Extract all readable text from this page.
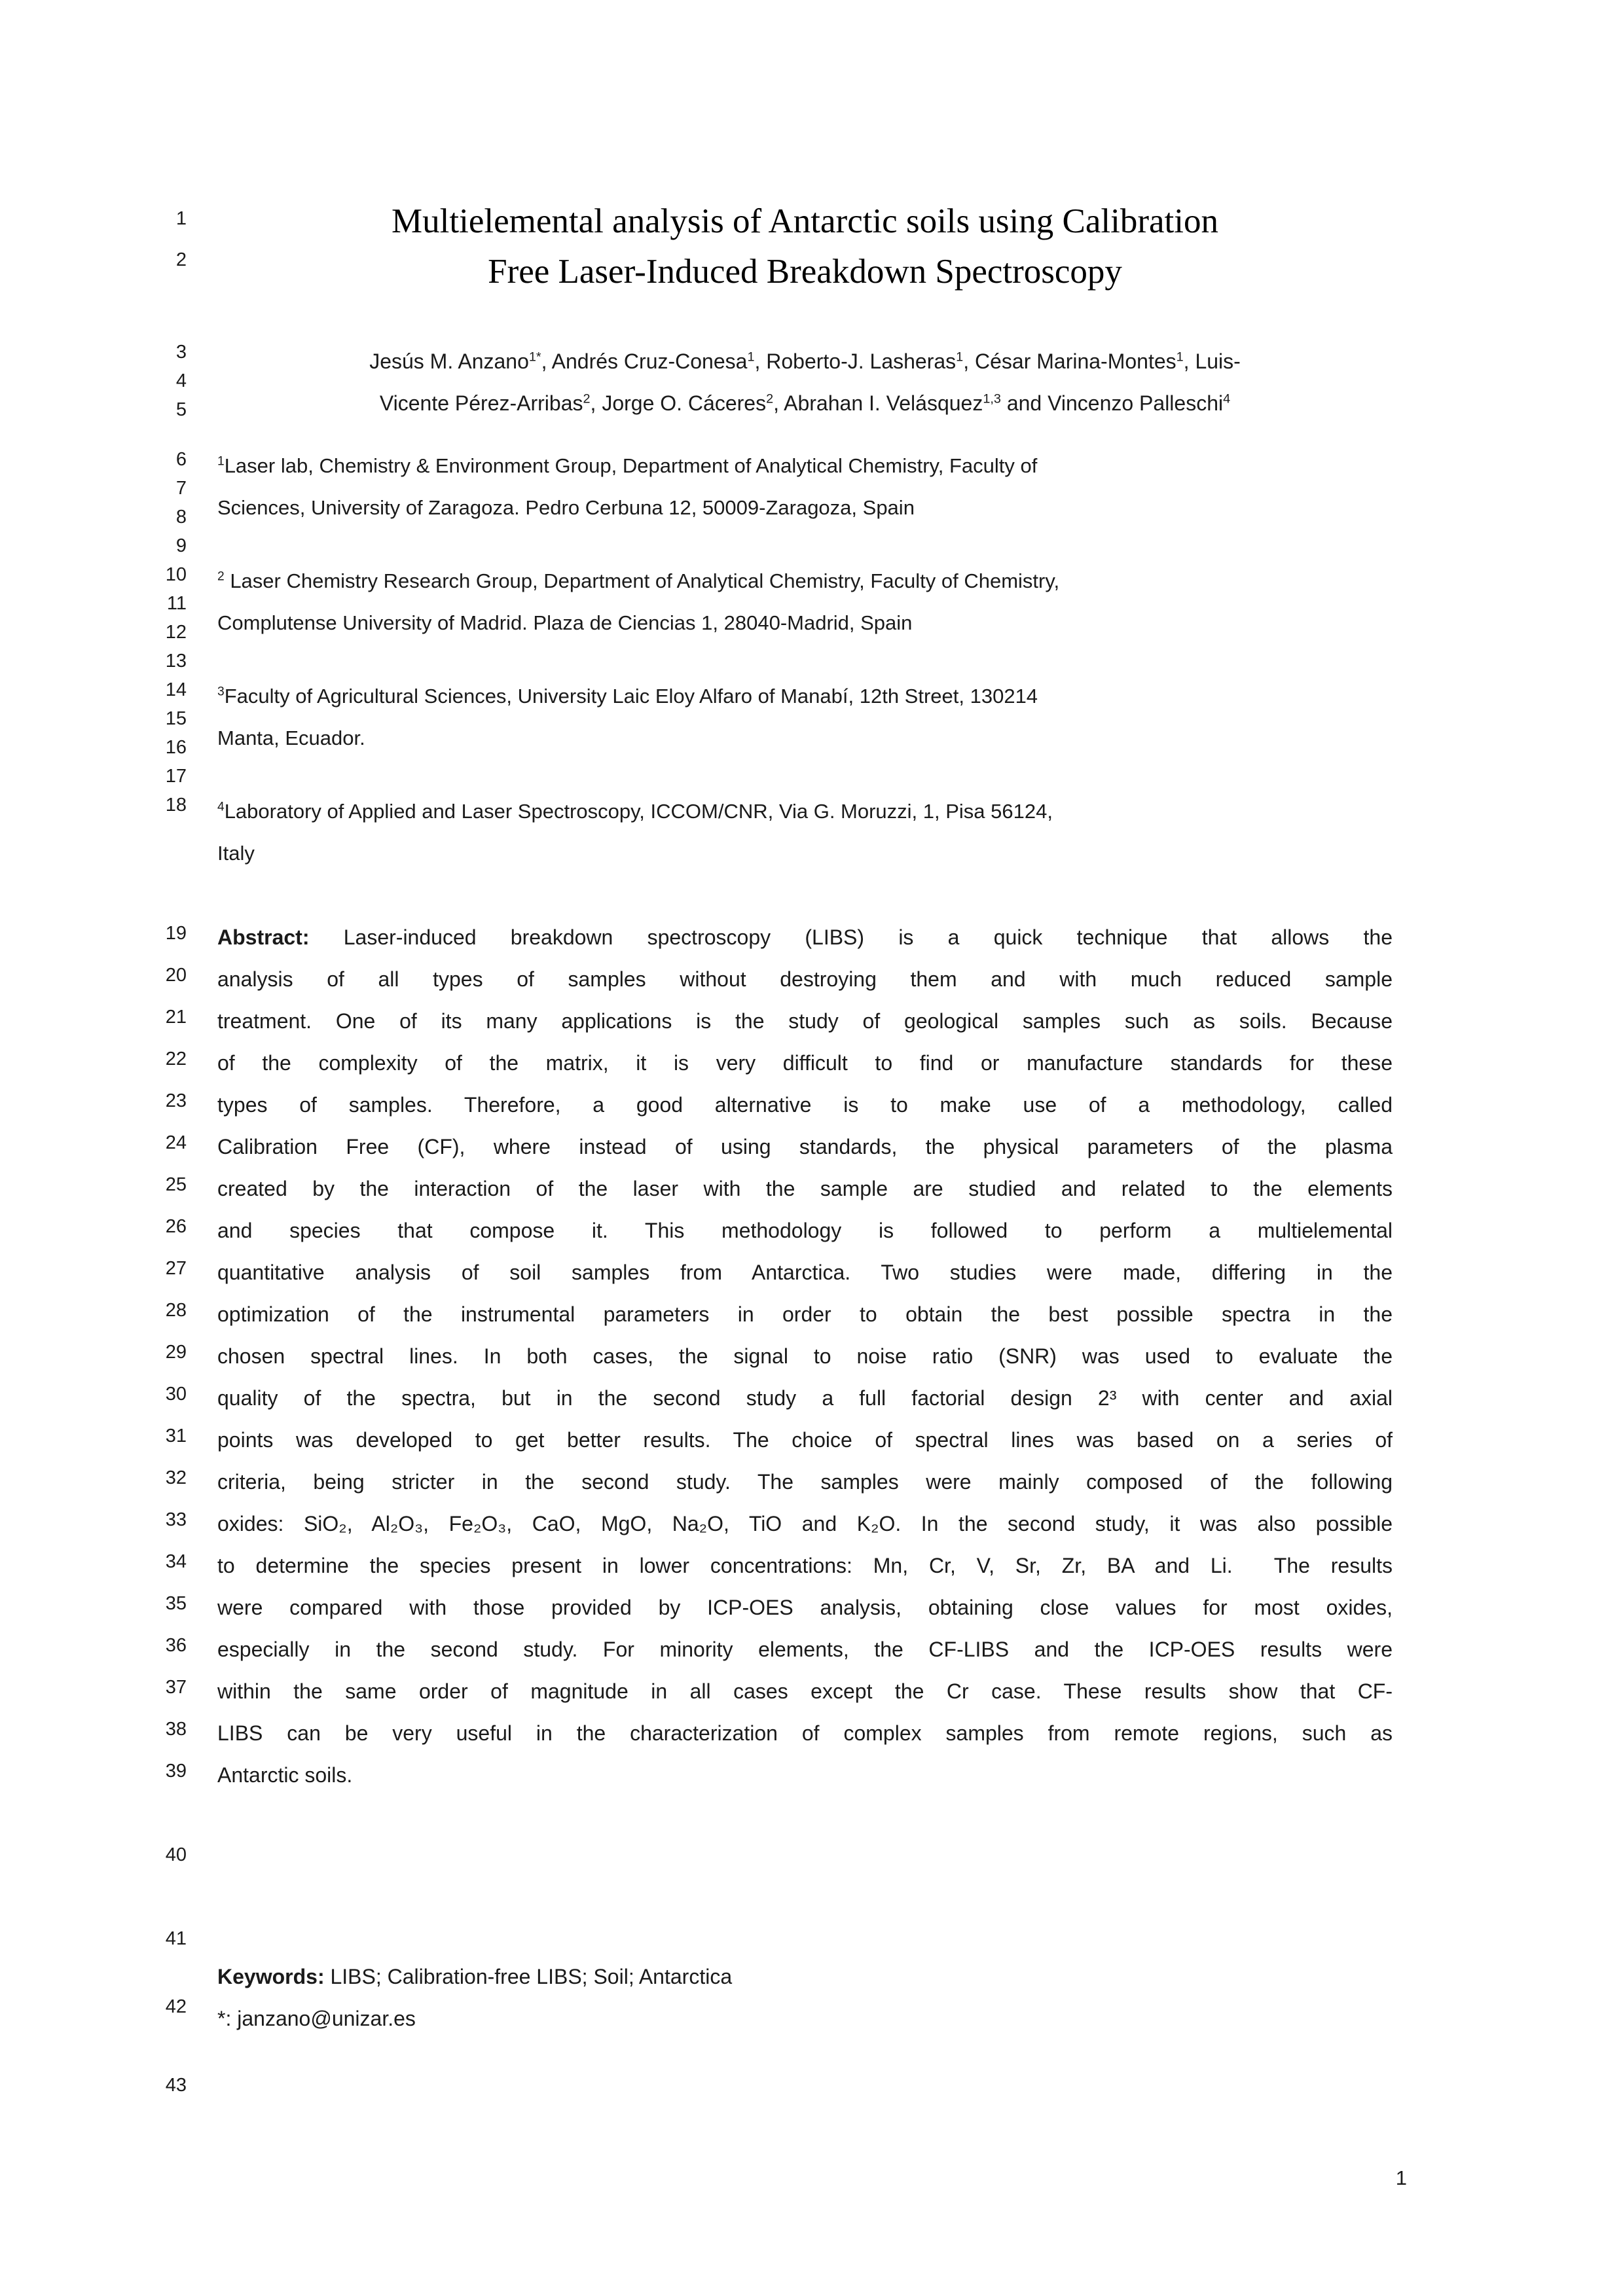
1
2
3
4
5
6
7
8
9
10
11
12
13
14
15
16
17
18
19
20
21
22
23
24
25
26
27
28
29
30
31
32
33
34
35
36
37
38
39
40
41
42
43
Multielemental analysis of Antarctic soils using Calibration
Free Laser-Induced Breakdown Spectroscopy
Jesús M. Anzano$^{1*}$, Andrés Cruz-Conesa$^1$, Roberto-J. Lasheras$^1$, César Marina-Montes$^1$, Luis-
Vicente Pérez-Arribas$^2$, Jorge O. Cáceres$^2$, Abrahan I. Velásquez$^{1,3}$ and Vincenzo Palleschi$^4$
$^1$Laser lab, Chemistry & Environment Group, Department of Analytical Chemistry, Faculty of
Sciences, University of Zaragoza. Pedro Cerbuna 12, 50009-Zaragoza, Spain
$^2$ Laser Chemistry Research Group, Department of Analytical Chemistry, Faculty of Chemistry,
Complutense University of Madrid. Plaza de Ciencias 1, 28040-Madrid, Spain
$^3$Faculty of Agricultural Sciences, University Laic Eloy Alfaro of Manabí, 12th Street, 130214
Manta, Ecuador.
$^4$Laboratory of Applied and Laser Spectroscopy, ICCOM/CNR, Via G. Moruzzi, 1, Pisa 56124,
Italy
Abstract: Laser-induced breakdown spectroscopy (LIBS) is a quick technique that allows the
analysis of all types of samples without destroying them and with much reduced sample
treatment. One of its many applications is the study of geological samples such as soils. Because
of the complexity of the matrix, it is very difficult to find or manufacture standards for these
types of samples. Therefore, a good alternative is to make use of a methodology, called
Calibration Free (CF), where instead of using standards, the physical parameters of the plasma
created by the interaction of the laser with the sample are studied and related to the elements
and species that compose it. This methodology is followed to perform a multielemental
quantitative analysis of soil samples from Antarctica. Two studies were made, differing in the
optimization of the instrumental parameters in order to obtain the best possible spectra in the
chosen spectral lines. In both cases, the signal to noise ratio (SNR) was used to evaluate the
quality of the spectra, but in the second study a full factorial design 2³ with center and axial
points was developed to get better results. The choice of spectral lines was based on a series of
criteria, being stricter in the second study. The samples were mainly composed of the following
oxides: SiO₂, Al₂O₃, Fe₂O₃, CaO, MgO, Na₂O, TiO and K₂O. In the second study, it was also possible
to determine the species present in lower concentrations: Mn, Cr, V, Sr, Zr, BA and Li.  The results
were compared with those provided by ICP-OES analysis, obtaining close values for most oxides,
especially in the second study. For minority elements, the CF-LIBS and the ICP-OES results were
within the same order of magnitude in all cases except the Cr case. These results show that CF-
LIBS can be very useful in the characterization of complex samples from remote regions, such as
Antarctic soils.
Keywords: LIBS; Calibration-free LIBS; Soil; Antarctica
*: janzano@unizar.es
1
